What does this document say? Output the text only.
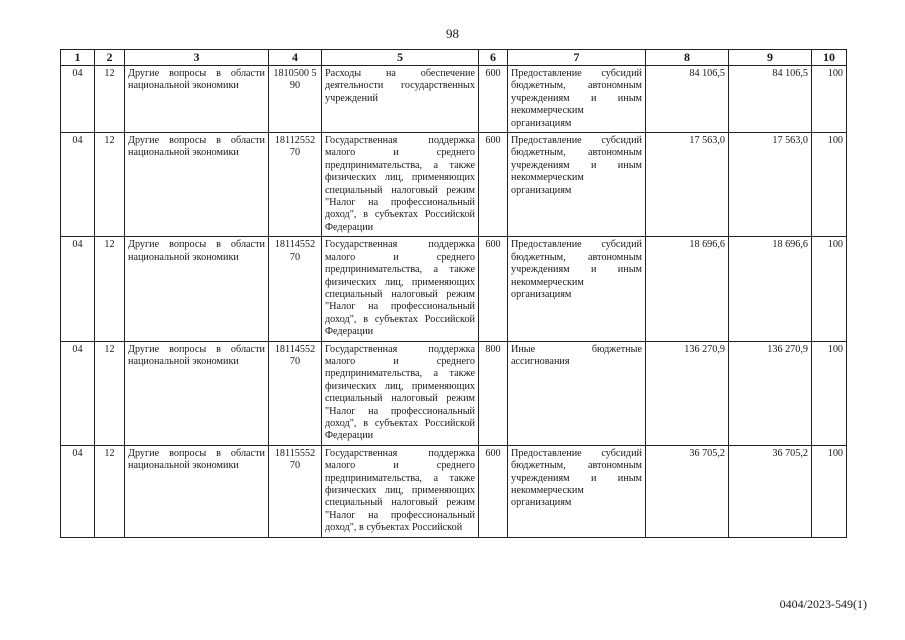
98
1	2	3	4	5	6	7	8	9	10
04	12	Другие вопросы в области национальной экономики	1810500 590	Расходы на обеспечение деятельности государственных учреждений	600	Предоставление субсидий бюджетным, автономным учреждениям и иным некоммерческим организациям	84 106,5	84 106,5	100
04	12	Другие вопросы в области национальной экономики	18112552 70	Государственная поддержка малого и среднего предпринимательства, а также физических лиц, применяющих специальный налоговый режим "Налог на профессиональный доход", в субъектах Российской Федерации	600	Предоставление субсидий бюджетным, автономным учреждениям и иным некоммерческим организациям	17 563,0	17 563,0	100
04	12	Другие вопросы в области национальной экономики	18114552 70	Государственная поддержка малого и среднего предпринимательства, а также физических лиц, применяющих специальный налоговый режим "Налог на профессиональный доход", в субъектах Российской Федерации	600	Предоставление субсидий бюджетным, автономным учреждениям и иным некоммерческим организациям	18 696,6	18 696,6	100
04	12	Другие вопросы в области национальной экономики	18114552 70	Государственная поддержка малого и среднего предпринимательства, а также физических лиц, применяющих специальный налоговый режим "Налог на профессиональный доход", в субъектах Российской Федерации	800	Иные бюджетные ассигнования	136 270,9	136 270,9	100
04	12	Другие вопросы в области национальной экономики	18115552 70	Государственная поддержка малого и среднего предпринимательства, а также физических лиц, применяющих специальный налоговый режим "Налог на профессиональный доход", в субъектах Российской	600	Предоставление субсидий бюджетным, автономным учреждениям и иным некоммерческим организациям	36 705,2	36 705,2	100
0404/2023-549(1)
